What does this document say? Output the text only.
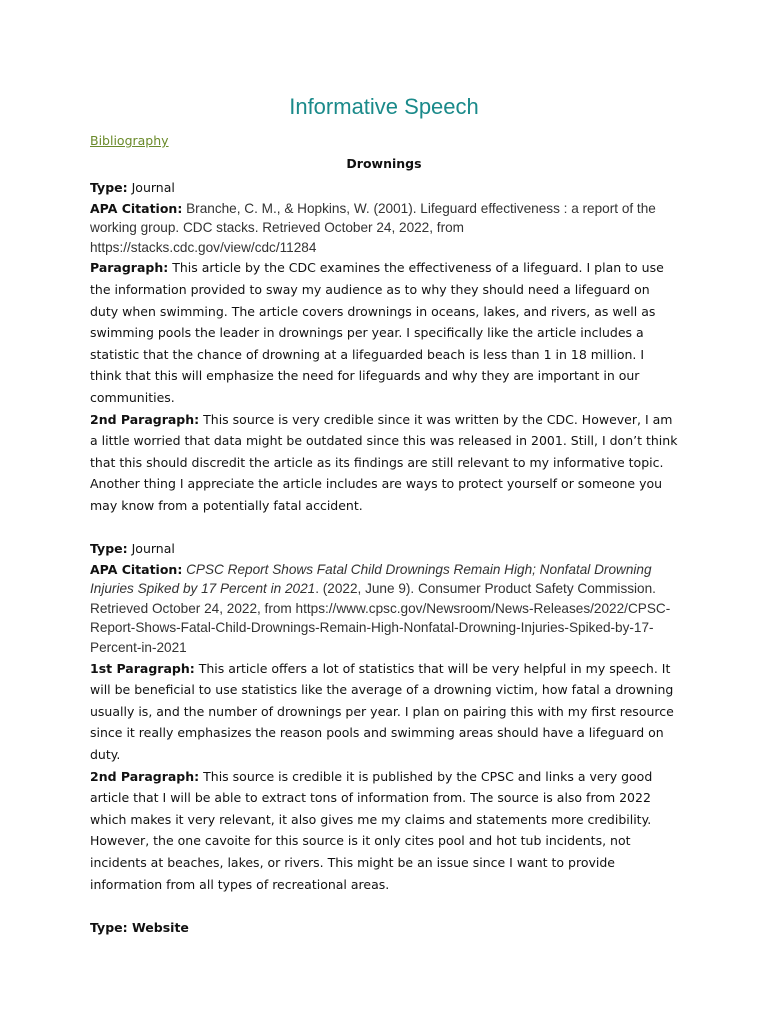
Informative Speech
Bibliography
Drownings
Type: Journal
APA Citation: Branche, C. M., & Hopkins, W. (2001). Lifeguard effectiveness : a report of the working group. CDC stacks. Retrieved October 24, 2022, from https://stacks.cdc.gov/view/cdc/11284
Paragraph: This article by the CDC examines the effectiveness of a lifeguard. I plan to use the information provided to sway my audience as to why they should need a lifeguard on duty when swimming. The article covers drownings in oceans, lakes, and rivers, as well as swimming pools the leader in drownings per year. I specifically like the article includes a statistic that the chance of drowning at a lifeguarded beach is less than 1 in 18 million. I think that this will emphasize the need for lifeguards and why they are important in our communities.
2nd Paragraph: This source is very credible since it was written by the CDC. However, I am a little worried that data might be outdated since this was released in 2001. Still, I don’t think that this should discredit the article as its findings are still relevant to my informative topic. Another thing I appreciate the article includes are ways to protect yourself or someone you may know from a potentially fatal accident.
Type: Journal
APA Citation: CPSC Report Shows Fatal Child Drownings Remain High; Nonfatal Drowning Injuries Spiked by 17 Percent in 2021. (2022, June 9). Consumer Product Safety Commission. Retrieved October 24, 2022, from https://www.cpsc.gov/Newsroom/News-Releases/2022/CPSC-Report-Shows-Fatal-Child-Drownings-Remain-High-Nonfatal-Drowning-Injuries-Spiked-by-17-Percent-in-2021
1st Paragraph: This article offers a lot of statistics that will be very helpful in my speech. It will be beneficial to use statistics like the average of a drowning victim, how fatal a drowning usually is, and the number of drownings per year. I plan on pairing this with my first resource since it really emphasizes the reason pools and swimming areas should have a lifeguard on duty.
2nd Paragraph: This source is credible it is published by the CPSC and links a very good article that I will be able to extract tons of information from. The source is also from 2022 which makes it very relevant, it also gives me my claims and statements more credibility. However, the one cavoite for this source is it only cites pool and hot tub incidents, not incidents at beaches, lakes, or rivers. This might be an issue since I want to provide information from all types of recreational areas.
Type: Website
